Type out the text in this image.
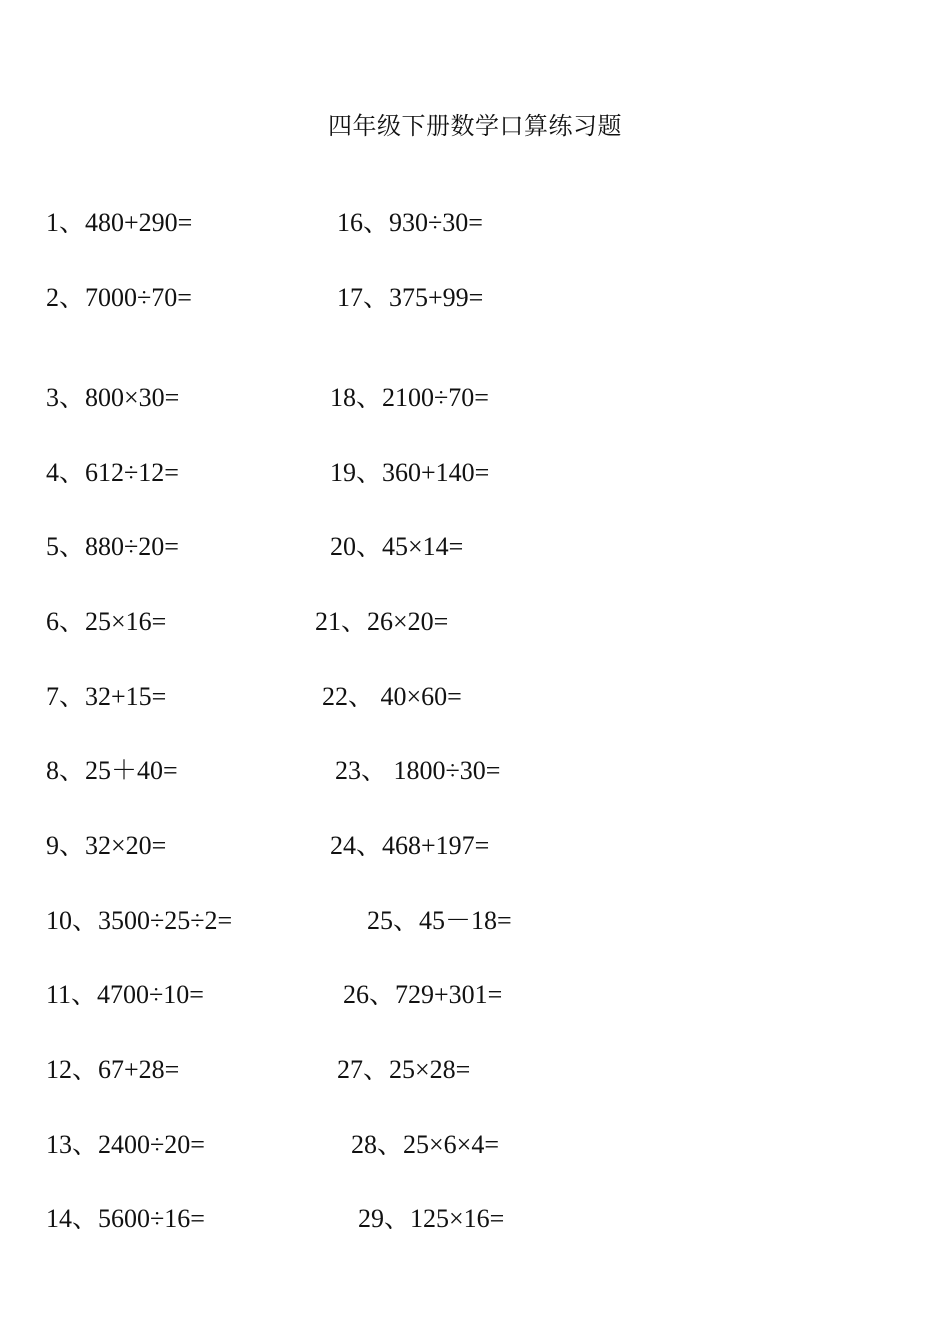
四年级下册数学口算练习题
1、480+290=	16、930÷30=
2、7000÷70=	17、375+99=
3、800×30=	18、2100÷70=
4、612÷12=	19、360+140=
5、880÷20=	20、45×14=
6、25×16=	21、26×20=
7、32+15=	22、 40×60=
8、25＋40=	23、 1800÷30=
9、32×20=	24、468+197=
10、3500÷25÷2=	25、45－18=
11、4700÷10=	26、729+301=
12、67+28=	27、25×28=
13、2400÷20=	28、25×6×4=
14、5600÷16=	29、125×16=
